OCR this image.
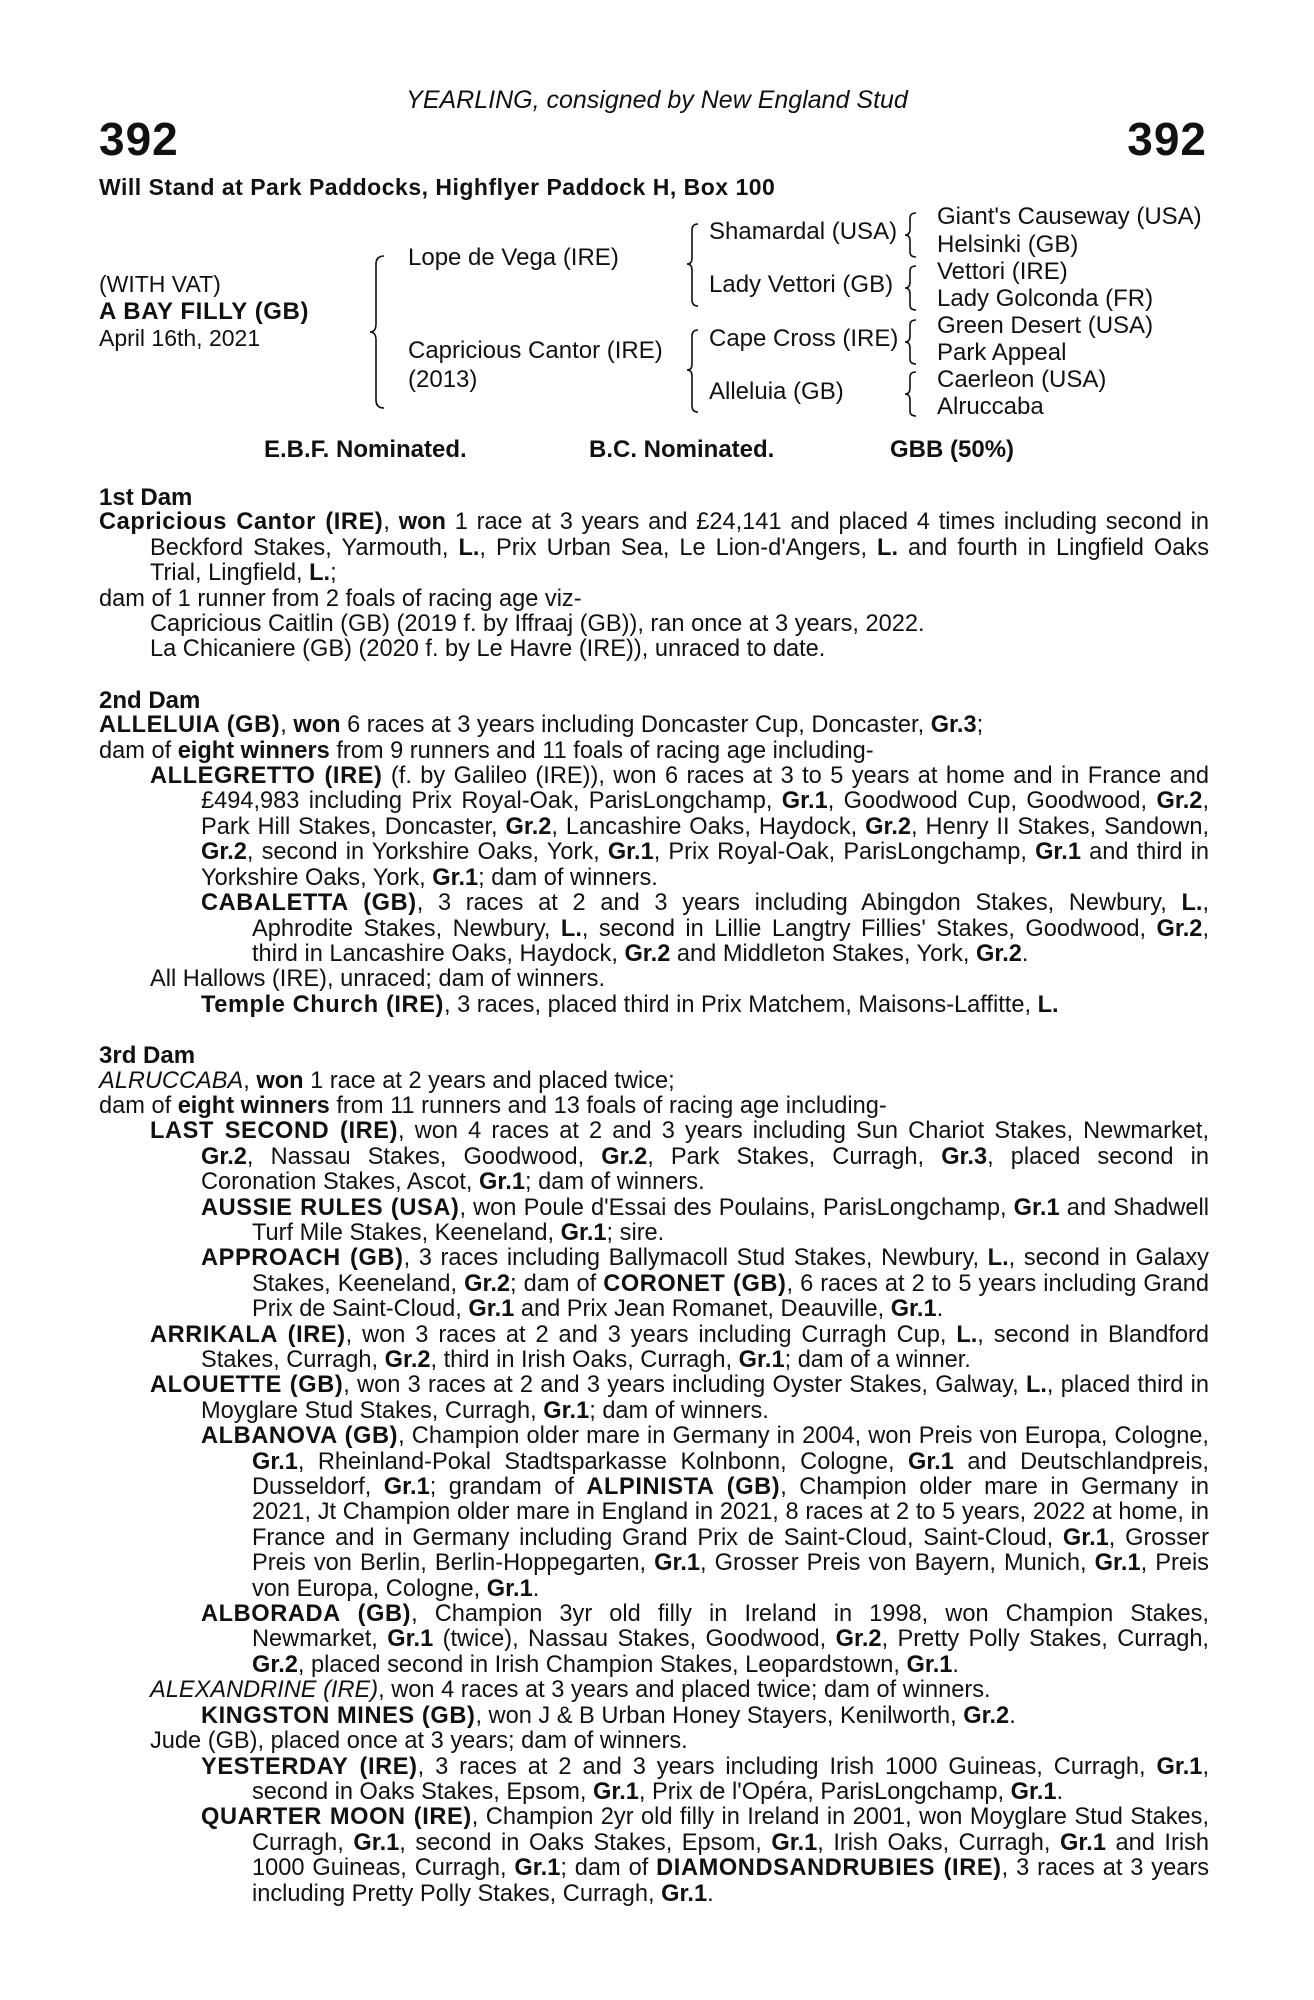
YEARLING, consigned by New England Stud
392	392
Will Stand at Park Paddocks, Highflyer Paddock H, Box 100
(WITH VAT)
A BAY FILLY (GB)
April 16th, 2021
Lope de Vega (IRE)
Capricious Cantor (IRE)
(2013)
Shamardal (USA)
Lady Vettori (GB)
Cape Cross (IRE)
Alleluia (GB)
Giant's Causeway (USA)
Helsinki (GB)
Vettori (IRE)
Lady Golconda (FR)
Green Desert (USA)
Park Appeal
Caerleon (USA)
Alruccaba
E.B.F. Nominated.	B.C. Nominated.	GBB (50%)

1st Dam

Capricious Cantor (IRE), won 1 race at 3 years and £24,141 and placed 4 times including second in Beckford Stakes, Yarmouth, L., Prix Urban Sea, Le Lion-d'Angers, L. and fourth in Lingfield Oaks Trial, Lingfield, L.;

dam of 1 runner from 2 foals of racing age viz-

Capricious Caitlin (GB) (2019 f. by Iffraaj (GB)), ran once at 3 years, 2022.

La Chicaniere (GB) (2020 f. by Le Havre (IRE)), unraced to date.

2nd Dam

ALLELUIA (GB), won 6 races at 3 years including Doncaster Cup, Doncaster, Gr.3;

dam of eight winners from 9 runners and 11 foals of racing age including-

ALLEGRETTO (IRE) (f. by Galileo (IRE)), won 6 races at 3 to 5 years at home and in France and £494,983 including Prix Royal-Oak, ParisLongchamp, Gr.1, Goodwood Cup, Goodwood, Gr.2, Park Hill Stakes, Doncaster, Gr.2, Lancashire Oaks, Haydock, Gr.2, Henry II Stakes, Sandown, Gr.2, second in Yorkshire Oaks, York, Gr.1, Prix Royal-Oak, ParisLongchamp, Gr.1 and third in Yorkshire Oaks, York, Gr.1; dam of winners.

CABALETTA (GB), 3 races at 2 and 3 years including Abingdon Stakes, Newbury, L., Aphrodite Stakes, Newbury, L., second in Lillie Langtry Fillies' Stakes, Goodwood, Gr.2, third in Lancashire Oaks, Haydock, Gr.2 and Middleton Stakes, York, Gr.2.

All Hallows (IRE), unraced; dam of winners.

Temple Church (IRE), 3 races, placed third in Prix Matchem, Maisons-Laffitte, L.

3rd Dam

ALRUCCABA, won 1 race at 2 years and placed twice;

dam of eight winners from 11 runners and 13 foals of racing age including-

LAST SECOND (IRE), won 4 races at 2 and 3 years including Sun Chariot Stakes, Newmarket, Gr.2, Nassau Stakes, Goodwood, Gr.2, Park Stakes, Curragh, Gr.3, placed second in Coronation Stakes, Ascot, Gr.1; dam of winners.

AUSSIE RULES (USA), won Poule d'Essai des Poulains, ParisLongchamp, Gr.1 and Shadwell Turf Mile Stakes, Keeneland, Gr.1; sire.

APPROACH (GB), 3 races including Ballymacoll Stud Stakes, Newbury, L., second in Galaxy Stakes, Keeneland, Gr.2; dam of CORONET (GB), 6 races at 2 to 5 years including Grand Prix de Saint-Cloud, Gr.1 and Prix Jean Romanet, Deauville, Gr.1.

ARRIKALA (IRE), won 3 races at 2 and 3 years including Curragh Cup, L., second in Blandford Stakes, Curragh, Gr.2, third in Irish Oaks, Curragh, Gr.1; dam of a winner.

ALOUETTE (GB), won 3 races at 2 and 3 years including Oyster Stakes, Galway, L., placed third in Moyglare Stud Stakes, Curragh, Gr.1; dam of winners.

ALBANOVA (GB), Champion older mare in Germany in 2004, won Preis von Europa, Cologne, Gr.1, Rheinland-Pokal Stadtsparkasse Kolnbonn, Cologne, Gr.1 and Deutschlandpreis, Dusseldorf, Gr.1; grandam of ALPINISTA (GB), Champion older mare in Germany in 2021, Jt Champion older mare in England in 2021, 8 races at 2 to 5 years, 2022 at home, in France and in Germany including Grand Prix de Saint-Cloud, Saint-Cloud, Gr.1, Grosser Preis von Berlin, Berlin-Hoppegarten, Gr.1, Grosser Preis von Bayern, Munich, Gr.1, Preis von Europa, Cologne, Gr.1.

ALBORADA (GB), Champion 3yr old filly in Ireland in 1998, won Champion Stakes, Newmarket, Gr.1 (twice), Nassau Stakes, Goodwood, Gr.2, Pretty Polly Stakes, Curragh, Gr.2, placed second in Irish Champion Stakes, Leopardstown, Gr.1.

ALEXANDRINE (IRE), won 4 races at 3 years and placed twice; dam of winners.

KINGSTON MINES (GB), won J & B Urban Honey Stayers, Kenilworth, Gr.2.

Jude (GB), placed once at 3 years; dam of winners.

YESTERDAY (IRE), 3 races at 2 and 3 years including Irish 1000 Guineas, Curragh, Gr.1, second in Oaks Stakes, Epsom, Gr.1, Prix de l'Opéra, ParisLongchamp, Gr.1.

QUARTER MOON (IRE), Champion 2yr old filly in Ireland in 2001, won Moyglare Stud Stakes, Curragh, Gr.1, second in Oaks Stakes, Epsom, Gr.1, Irish Oaks, Curragh, Gr.1 and Irish 1000 Guineas, Curragh, Gr.1; dam of DIAMONDSANDRUBIES (IRE), 3 races at 3 years including Pretty Polly Stakes, Curragh, Gr.1.
